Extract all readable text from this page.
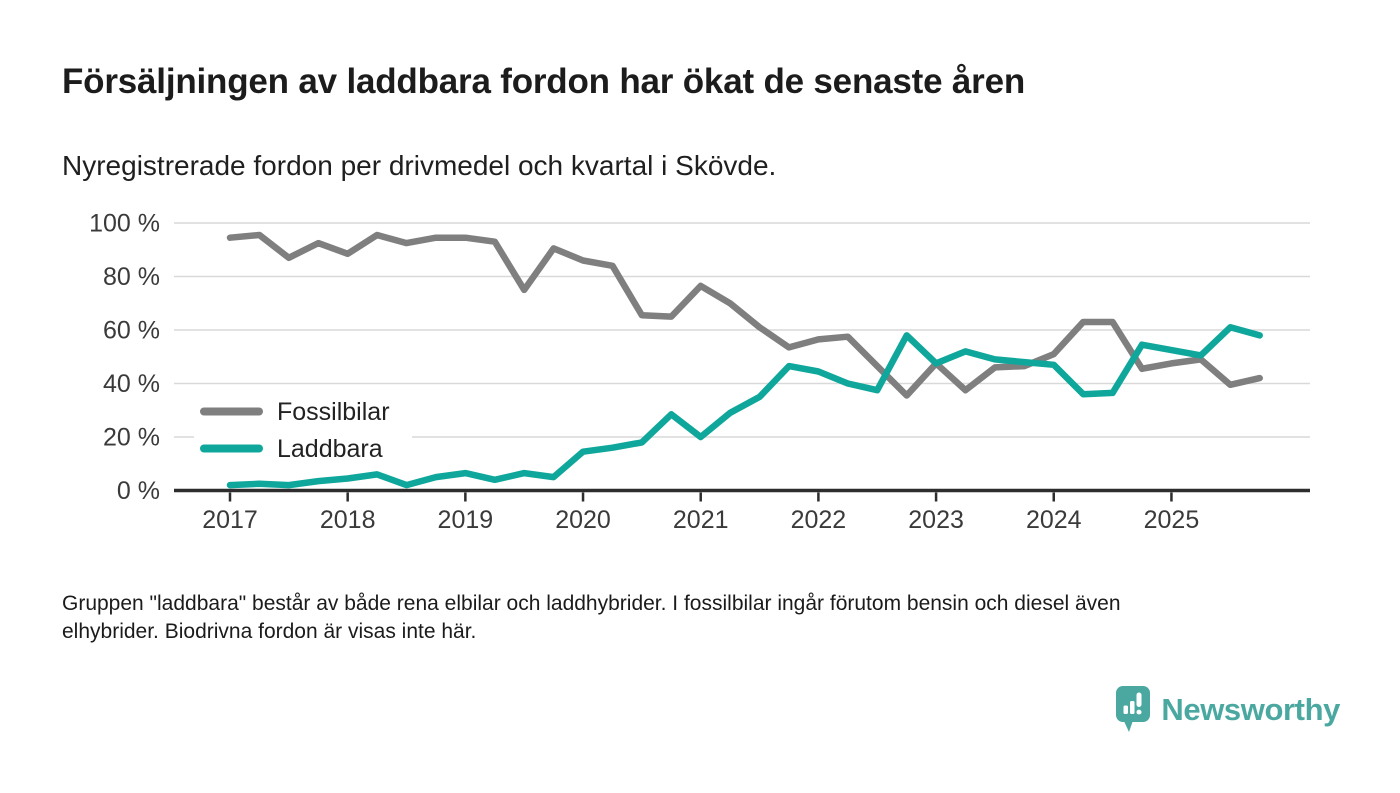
Försäljningen av laddbara fordon har ökat de senaste åren
Nyregistrerade fordon per drivmedel och kvartal i Skövde.
2017 2018 2019 2020 2021 2022 2023 2024 2025
0 %
20 %
40 %
60 %
80 %
100 %
Fossilbilar
Laddbara
Gruppen "laddbara" består av både rena elbilar och laddhybrider. I fossilbilar ingår förutom bensin och diesel även
elhybrider. Biodrivna fordon är visas inte här.
Newsworthy
